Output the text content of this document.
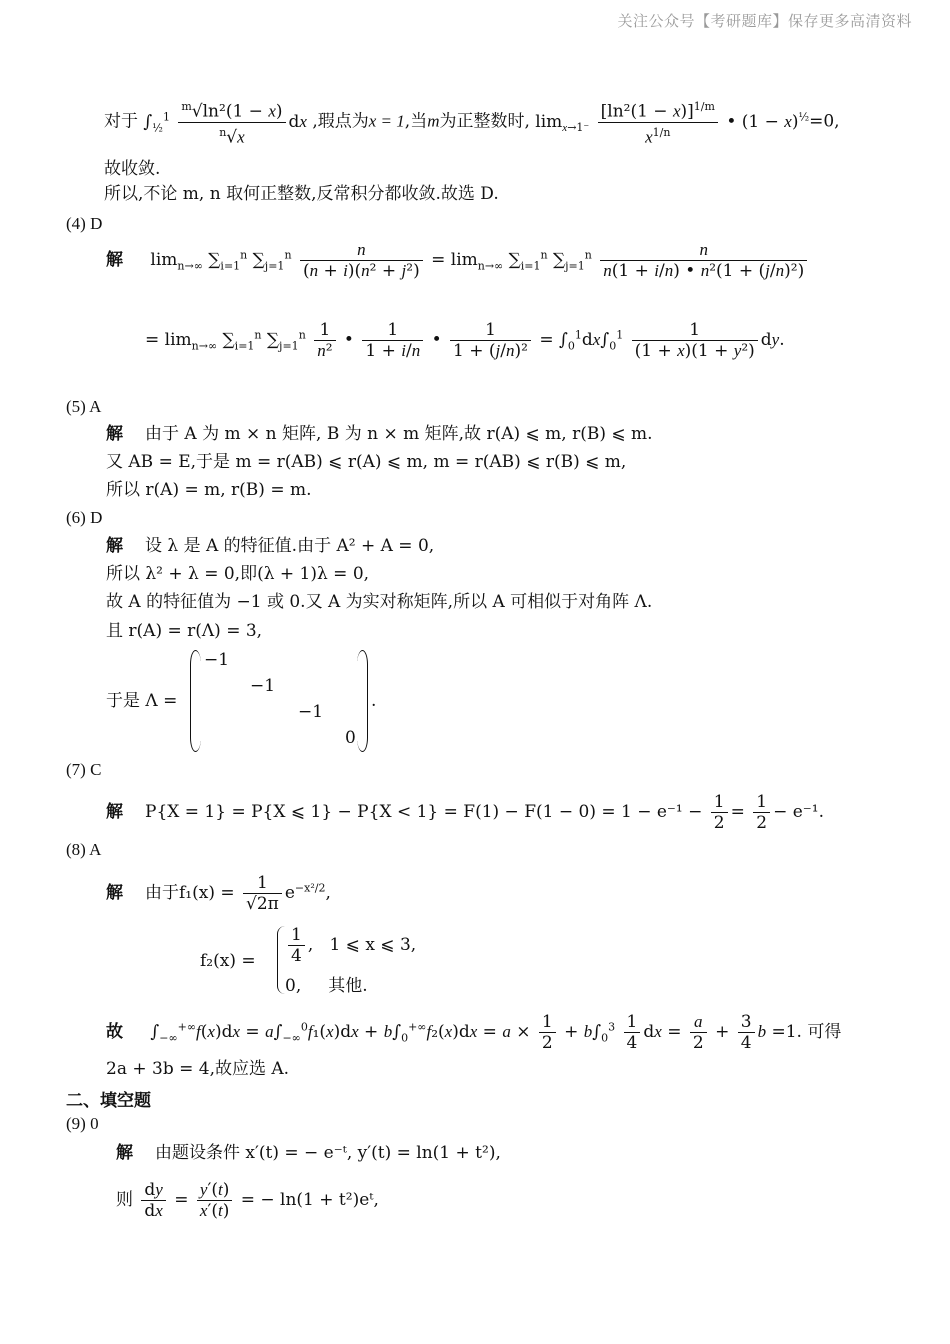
关注公众号【考研题库】保存更多高清资料
对于 $\int_{\frac{1}{2}}^1 \frac{^m√\ln^2(1 - x)}{^n√x}$ dx ,瑕点为x = 1,当m为正整数时, $\lim_{x\to 1^-} \frac{[\ln^2(1 - x)]^{1/m}}{x^{1/n}}$ • $(1 - x)^{\frac{1}{2}}=0$,
故收敛.
所以,不论 m, n 取何正整数,反常积分都收敛.故选 D.
(4) D
解 $\lim_{n\to\infty} \sum_{i=1}^n$ $\sum_{j=1}^n \frac{n}{\text{(n + i)(n² + j²)}} = \lim_{n\to\infty} \sum_{i=1}^n$ $\sum_{j=1}^n \frac{n}{\text{n(1 + i/n) • n²(1 + (j/n)²)}}$
= $\lim_{n\to\infty} \sum_{i=1}^n$ $\sum_{j=1}^n \frac{1}{\text{n²}}$ • $\frac{1}{1 + i/n}$ • $\frac{1}{\text{1 + (j/n)²}} = \int_0^1dx\int_0^1 \frac{1}{\text{(1 + x)(1 + y²)}}$ dy.
(5) A
解 由于 A 为 m × n 矩阵, B 为 n × m 矩阵,故 r(A) ⩽ m, r(B) ⩽ m.
又 AB = E,于是 m = r(AB) ⩽ r(A) ⩽ m, m = r(AB) ⩽ r(B) ⩽ m,
所以 r(A) = m, r(B) = m.
(6) D
解 设 λ 是 A 的特征值.由于 A² + A = 0,
所以 λ² + λ = 0,即(λ + 1)λ = 0,
故 A 的特征值为 −1 或 0.又 A 为实对称矩阵,所以 A 可相似于对角阵 Λ.
且 r(A) = r(Λ) = 3,
于是 Λ =
−1
−1
−1
0
.
(7) C
解 P{X = 1} = P{X ⩽ $1\} - P\{X < 1\} = F(1) - F(1 - 0) = 1 - e^{-1} - \frac{1}{2} = \frac{1}{2} - e^{-1}$.
(8) A
解 由于$f_1(x) = \frac{1}{√2\pi} e^{-x^2/2}$,
$f_2(x) = \frac{1}{4}$ ,   1 ⩽ x ⩽ 3,
0, 其他.
故 $\int_{-\infty}^{+\infty}f(x)dx = a\int_{-\infty}^0f_1(x)dx + b\int_0^{+\infty}f_2(x)dx = a \times \frac{1}{2} + b\int_0^3 \frac{1}{4}$ dx = $\frac{a}{2} + \frac{3}{4}$ b =1. 可得
2a + 3b = 4,故应选 A.
二、填空题
(9) 0
解 由题设条件 x′(t) = − e⁻ᵗ, y′(t) = ln(1 + t²),
则 $\frac{dy}{dx} = \frac{y'(t)}{x'(t)}$ = − ln(1 + t²)eᵗ,
